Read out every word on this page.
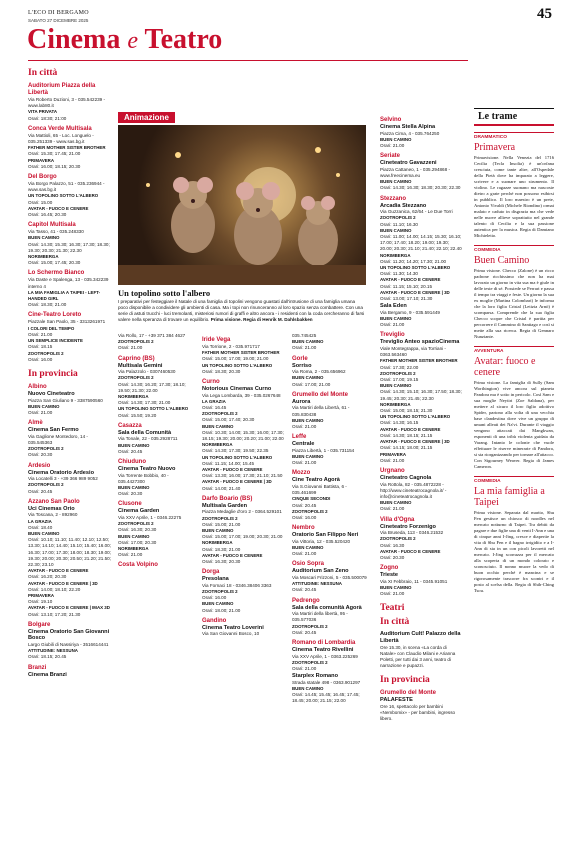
L'ECO DI BERGAMO
SABATO 27 DICEMBRE 2025	45
Cinema e Teatro
In città
Auditorium Piazza della Libertà
Via Roberto Duzioni, 3 - 035.542239 - www.lab80.it
VITA PRIVATA
Orari: 18:30; 21:00
Conca Verde Multisala
Via Mattioli, 65 - Loc. Longuelo - 035.251339 - www.sas.bg.it
FATHER MOTHER SISTER BROTHER
Orari: 15.30; 17.45; 21.00
PRIMAVERA
Orari: 16.00; 18.15; 20.30
Del Borgo
Via Borgo Palazzo, 51 - 035.236944 - www.sas.bg.it
UN TOPOLINO SOTTO L'ALBERO
Orari: 15.00
AVATAR - FUOCO E CENERE
Orari: 16.45; 20.30
Capitol Multisala
Via Tasso, 41 - 035.248330
BUEN CAMINO
Orari: 14.30; 15.30; 16.30; 17.30; 18.30; 19.30; 20.30; 21.30; 22.30
NORIMBERGA
Orari: 15.00; 17.45; 20.30
Lo Schermo Bianco
Via Daste e Spalenga, 13 - 035.342239 interno 4
LA MIA FAMIGLIA A TAIPEI - LEFT-HANDED GIRL
Orari: 18.30; 21.00
Cine-Teatro Loreto
Piazzale San Paolo, 35 - 3313261971
I COLORI DEL TEMPO
Orari: 21.00
UN SEMPLICE INCIDENTE
Orari: 18.15
ZOOTROPOLIS 2
Orari: 16.00
In provincia
Albino
Nuovo Cineteatro
Piazza San Giuliano 9 - 3387590560
BUEN CAMINO
Orari: 21.00
Almè
Cinema San Fermo
Via Gaglione Montedoro, 14 - 035.545363
ZOOTROPOLIS 2
Orari: 20.30
Ardesio
Cinema Oratorio Ardesio
Via Locatelli 3 - +39 366 989 9052
ZOOTROPOLIS 2
Orari: 20.45
Azzano San Paolo
Uci Cinemas Orio
Via Toscana, 2 - 892960
LA GRAZIA
Orari: 18.40
BUEN CAMINO
Orari: 10.10; 11.10; 11.40; 12.10; 12.50; 13.30; 14.10; 14.40; 15.10; 15.40; 16.00; 16.30; 17.00; 17.30; 18.00; 18.30; 19.00; 19.30; 20.00; 20.30; 20.50; 21.20; 21.50; 22.30; 23.10
AVATAR - FUOCO E CENERE
Orari: 16.20; 20.30
AVATAR - FUOCO E CENERE | 3D
Orari: 14.00; 18.10; 22.20
PRIMAVERA
Orari: 19.10
AVATAR - FUOCO E CENERE | IMAX 3D
Orari: 13.10; 17.20; 21.30
Bolgare
Cinema Oratorio San Giovanni Bosco
Largo Giubili di Nassiriya - 3516614441
ATTITUDINE: NESSUNA
Orari: 18.15; 20.45
Branzi
Cinema Branzi
Animazione
Un topolino sotto l'albero
I preparativi per festeggiare il Natale di una famiglia di topolini vengono guastati dall'intrusione di una famiglia umana poco disponibile a condividere gli ambienti di casa. Ma i topi non rinunceranno al loro spazio senza combattere. Con una serie di astuti trucchi - luci tremolanti, misteriosi rumori di graffi e altro ancora - i residenti con la coda cercheranno di farsi valere nella speranza di trovare un equilibrio. Prima visione. Regia di Henrik M. Dahlsbakken
Via Rollo, 17 - +39 371 384 4627
ZOOTROPOLIS 2
Orari: 21.00
Caprino (BS)
Multisala Gemini
Via Palazzolo - 0307460530
ZOOTROPOLIS 2
Orari: 14.30; 16.20; 17.30; 18.10; 19.50; 21.30; 22.00
NORIMBERGA
Orari: 14.30; 17.30; 21.00
UN TOPOLINO SOTTO L'ALBERO
Orari: 15.50; 19.20
Casazza
Sala della Comunità
Via Tonale, 22 - 035.2928711
BUEN CAMINO
Orari: 20.45
Chiuduno
Cinema Teatro Nuovo
Via Torrente Bobbio, 40 - 035.4427300
BUEN CAMINO
Orari: 20.30
Clusone
Cinema Garden
Via XXV Aprile, 1 - 0346.22275
ZOOTROPOLIS 2
Orari: 16.30; 20.30
BUEN CAMINO
Orari: 17.00; 20.30
NORIMBERGA
Orari: 21.00
Costa Volpino
Iride Vega
Via Torrione, 2 - 035.971717
FATHER MOTHER SISTER BROTHER
Orari: 15.00; 17.00; 19.00; 21.00
UN TOPOLINO SOTTO L'ALBERO
Orari: 18.30; 20.30
Curno
Notorious Cinemas Curno
Via Lega Lombarda, 39 - 035.0267648
LA GRAZIA
Orari: 16.45
ZOOTROPOLIS 2
Orari: 15.00; 17.40; 20.30
BUEN CAMINO
Orari: 10.30; 14.00; 15.30; 16.00; 17.30; 18.15; 19.30; 20.00; 20.20; 21.00; 22.00
NORIMBERGA
Orari: 14.30; 17.30; 19.50; 22.35
UN TOPOLINO SOTTO L'ALBERO
Orari: 11.15; 14.00; 15.45
AVATAR - FUOCO E CENERE
Orari: 13.30; 16.00; 17.30; 21.10; 21.50
AVATAR - FUOCO E CENERE | 3D
Orari: 14.00; 21.40
Darfo Boario (BS)
Multisala Garden
Piazza Medaglie d'oro 2 - 0364.529101
ZOOTROPOLIS 2
Orari: 15.00; 21.00
BUEN CAMINO
Orari: 15.00; 17.00; 19.00; 20.30; 21.00
NORIMBERGA
Orari: 18.30; 21.00
AVATAR - FUOCO E CENERE
Orari: 16.30; 20.30
Dorga
Presolana
Via Fornaci 18 - 0346.38406 3363
ZOOTROPOLIS 2
Orari: 16.00
BUEN CAMINO
Orari: 18.00; 21.00
Gandino
Cinema Teatro Loverini
Via San Giovanni Bosco, 10
035.745425
BUEN CAMINO
Orari: 21.00
Gorle
Sorriso
Via Roma, 2 - 035.656962
BUEN CAMINO
Orari: 17.00; 21.00
Grumello del Monte
Aurora
Via Martiri della Libertà, 61 - 035.830438
BUEN CAMINO
Orari: 21.00
Leffe
Centrale
Piazza Libertà, 1 - 035.731154
BUEN CAMINO
Orari: 21.00
Mozzo
Cine Teatro Agorà
Via S.Giovanni Battista, 6 - 035.461699
CINQUE SECONDI
Orari: 20.45
ZOOTROPOLIS 2
Orari: 16.00
Nembro
Oratorio San Filippo Neri
Via Vittoria, 12 - 035.520420
BUEN CAMINO
Orari: 21.00
Osio Sopra
Auditorium San Zeno
Via Moscari Frizzoni, 5 - 035.500079
ATTITUDINE: NESSUNA
Orari: 20.45
Pedrengo
Sala della comunità Agorà
Via Martiri della libertà, 95 - 035.577036
ZOOTROPOLIS 2
Orari: 20.45
Romano di Lombardia
Cinema Teatro Rivellini
Via XXV Aprile, 1 - 0363.225269
ZOOTROPOLIS 2
Orari: 21.00
Starplex Romano
Strada statale 498 - 0363.901297
BUEN CAMINO
Orari: 14.45; 15.45; 16.45; 17.45; 18.45; 20.00; 21.15; 22.00
Selvino
Cinema Stella Alpina
Piazza Cima, 4 - 035.764250
BUEN CAMINO
Orari: 21.00
Seriate
Cineteatro Gavazzeni
Piazza Cattaneo, 1 - 035.294868 - www.freecinema.eu
BUEN CAMINO
Orari: 14.30; 16.30; 18.30; 20.30; 22.30
Stezzano
Arcadia Stezzano
Via Guzzanica, 62/64 - Le Due Torri
ZOOTROPOLIS 2
Orari: 11.10; 16.30
BUEN CAMINO
Orari: 11.00; 14.00; 14.15; 15.30; 16.10; 17.00; 17.40; 18.20; 19.00; 19.30; 20.00; 20.30; 21.10; 21.40; 22.10; 22.40
NORIMBERGA
Orari: 11.20; 14.20; 17.30; 21.00
UN TOPOLINO SOTTO L'ALBERO
Orari: 11.30; 14.30
AVATAR - FUOCO E CENERE
Orari: 11.15; 15.10; 20.15
AVATAR - FUOCO E CENERE | 3D
Orari: 13.00; 17.10; 21.30
Sala Eden
Via Bergamo, 9 - 035.591449
BUEN CAMINO
Orari: 21.00
Treviglio
Treviglio Anteo spazioCinema
Viale Montegrappa, via Torriani - 0363.563460
FATHER MOTHER SISTER BROTHER
Orari: 17.30; 22.00
ZOOTROPOLIS 2
Orari: 17.00; 19.15
BUEN CAMINO
Orari: 14.30; 15.10; 16.30; 17.50; 18.30; 19.45; 20.30; 21.45; 22.30
NORIMBERGA
Orari: 15.00; 18.15; 21.30
UN TOPOLINO SOTTO L'ALBERO
Orari: 14.30; 16.15
AVATAR - FUOCO E CENERE
Orari: 14.30; 18.15; 21.15
AVATAR - FUOCO E CENERE | 3D
Orari: 14.15; 18.00; 21.15
PRIMAVERA
Orari: 21.00
Urgnano
Cineteatro Cagnola
Via Rottola, 82 - 035.4872228 - http://www.cineteatrocagnola.it/ - info@cineteatrocagnola.it
BUEN CAMINO
Orari: 21.00
Villa d'Ogna
Cineteatro Forzenigo
Via Bruseda, 113 - 0346.21532
ZOOTROPOLIS 2
Orari: 16.30
AVATAR - FUOCO E CENERE
Orari: 20.30
Zogno
Trieste
Via XI Febbraio, 11 - 0345.91051
BUEN CAMINO
Orari: 21.00
Teatri
In città
Auditorium Cult! Palazzo della Libertà
Ore 15.30, in scena «La corda di Natale» con Claudio Milani e Arianna Poletti, per tutti dai 3 anni, teatro di narrazione e pupazzi.
In provincia
Grumello del Monte
PALAFESTE
Ore 16, spettacolo per bambini «Nembomix» - per bambini, ingresso libero.
Le trame
DRAMMATICO
Primavera
Primavisione. Nella Venezia del 1716 Cecilia (Tecla Insolia) è un'orfana cresciuta, come tante altre, all'Ospedale della Pietà dove ha imparato a leggere, scrivere e a suonare uno strumento. Il violino. Le ragazze suonano ma nascoste dietro a grate perché non possono esibirsi in pubblico. Il loro maestro è un prete, Antonio Vivaldi (Michele Riondino) ormai malato e caduto in disgrazia ma che vede nelle nuove allieve soprattutto nel grande talento di Cecilia e la sua passione autentica per la musica. Regia di Damiano Michieletto.
COMMEDIA
Buen Camino
Prima visione. Checco (Zalone) è un ricco padrone ricchissimo che non ha mai lavorato un giorno in vita sua ma è giule in delle teste di sé. Possiede se Ferrari e passa il tempo tra viaggi e feste. Un giorno la sua ex moglie (Martina Colombari) le informa che la loro figlia Cristal (Letizia Arnò) è scomparsa. Comprende che la sua figlia Checco scopre che Cristal è partita per percorrere il Cammino di Santiago e così si mette alla sua ricerca. Regia di Gennaro Nunziante.
AVVENTURA
Avatar: fuoco e cenere
Prima visione. La famiglia di Sully (Sam Worthington) vive ancora sul pianeta Pandora ma è sotto in pericolo. Così Sam e sua moglie Neytiri (Zoe Saldana), per mettere al sicuro il loro figlio adottivo Spider, partono alla volta di una vecchia base clandestina dove vive un gruppo di umani alleati dei Na'vi. Durante il viaggio vengono attaccati dai Mangkwan, esponenti di una tribù violenta guidata da Varang. Intanto le colonie che vuole effettuare le riserve minerarie di Pandora, si sta riorganizzando per tornare all'attacco. Con Sigourney Weaver. Regia di James Cameron.
COMMEDIA
La mia famiglia a Taipei
Prima visione. Separata dal marito, Shu Fen gestisce un chiosco di noodles nel mercato notturno di Taipei. Tra debiti da pagare e due figlie una di venti I-Ann e una di cinque anni I-Jing, cresce e diapertie la vita di Shu Fen e il bagno irrigidito e a I-Ann di sta in un con picoli lavoretti nel mercato. I-Jing scorrazza per il mercato alla scoperta di un mondo colorato e sconosciuto. Il nonno muore la vedo di buon occhio perché è mancina e se rigorosamente trascorre fra scontri e il posto al scelsa della. Regia di Shih-Ching Tsou.
